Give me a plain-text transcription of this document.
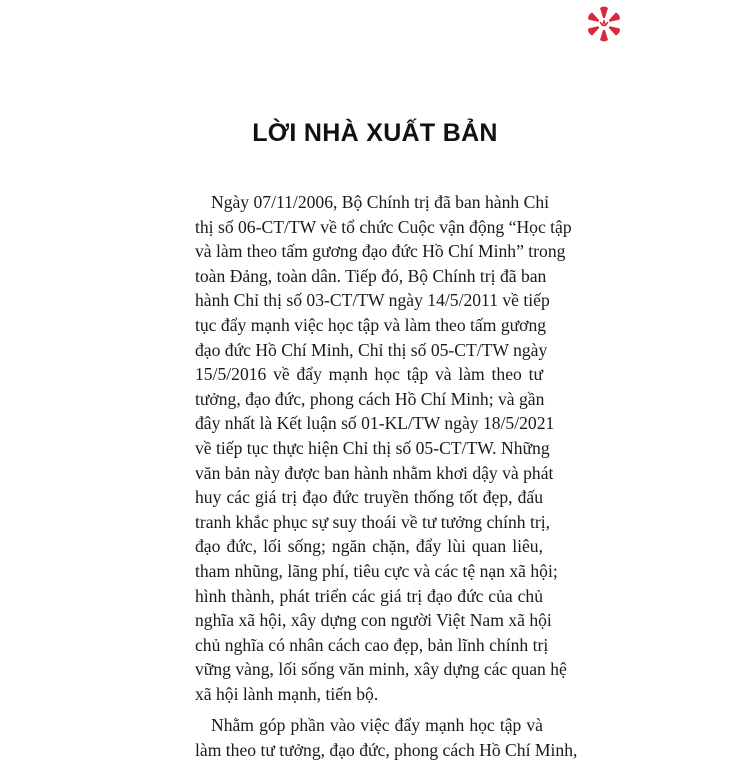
LỜI NHÀ XUẤT BẢN
Ngày 07/11/2006, Bộ Chính trị đã ban hành Chỉ
thị số 06-CT/TW về tổ chức Cuộc vận động “Học tập
và làm theo tấm gương đạo đức Hồ Chí Minh” trong
toàn Đảng, toàn dân. Tiếp đó, Bộ Chính trị đã ban
hành Chỉ thị số 03-CT/TW ngày 14/5/2011 về tiếp
tục đẩy mạnh việc học tập và làm theo tấm gương
đạo đức Hồ Chí Minh, Chỉ thị số 05-CT/TW ngày
15/5/2016 về đẩy mạnh học tập và làm theo tư
tưởng, đạo đức, phong cách Hồ Chí Minh; và gần
đây nhất là Kết luận số 01-KL/TW ngày 18/5/2021
về tiếp tục thực hiện Chỉ thị số 05-CT/TW. Những
văn bản này được ban hành nhằm khơi dậy và phát
huy các giá trị đạo đức truyền thống tốt đẹp, đấu
tranh khắc phục sự suy thoái về tư tưởng chính trị,
đạo đức, lối sống; ngăn chặn, đẩy lùi quan liêu,
tham nhũng, lãng phí, tiêu cực và các tệ nạn xã hội;
hình thành, phát triển các giá trị đạo đức của chủ
nghĩa xã hội, xây dựng con người Việt Nam xã hội
chủ nghĩa có nhân cách cao đẹp, bản lĩnh chính trị
vững vàng, lối sống văn minh, xây dựng các quan hệ
xã hội lành mạnh, tiến bộ.
Nhằm góp phần vào việc đẩy mạnh học tập và
làm theo tư tưởng, đạo đức, phong cách Hồ Chí Minh,
